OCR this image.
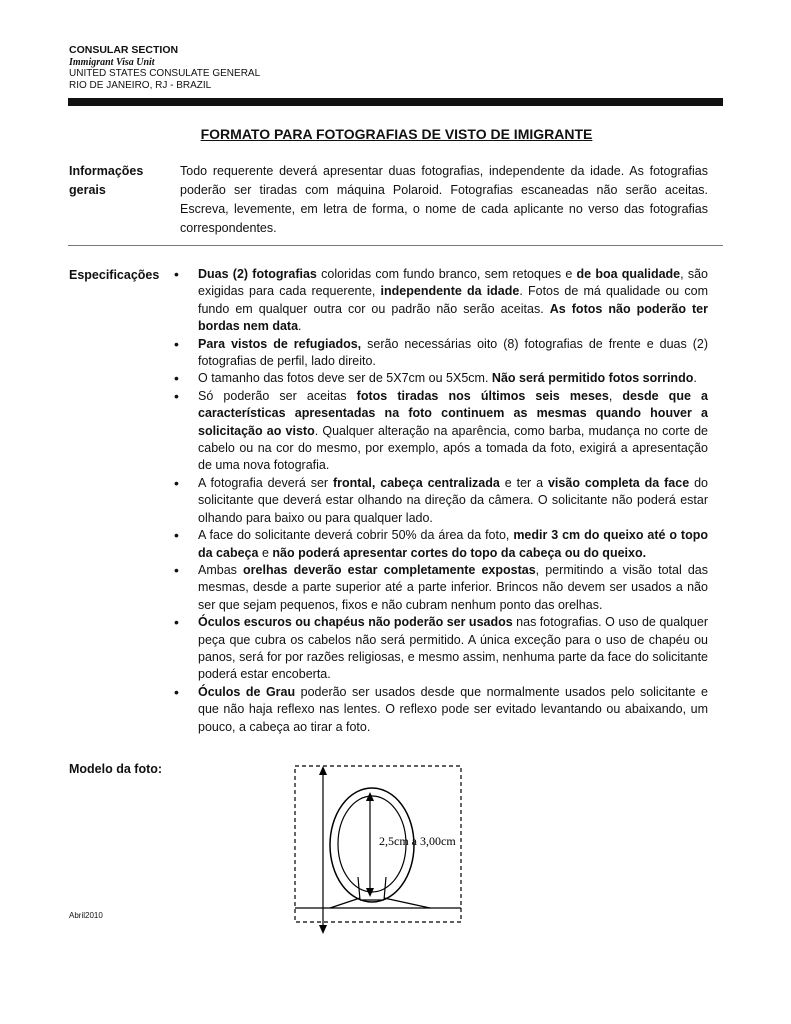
CONSULAR SECTION
Immigrant Visa Unit
UNITED STATES CONSULATE GENERAL
RIO DE JANEIRO, RJ - BRAZIL
FORMATO PARA FOTOGRAFIAS DE VISTO DE IMIGRANTE
Informações
gerais
Todo requerente deverá apresentar duas fotografias, independente da idade. As fotografias poderão ser tiradas com máquina Polaroid. Fotografias escaneadas não serão aceitas. Escreva, levemente, em letra de forma, o nome de cada aplicante no verso das fotografias correspondentes.
Especificações • Duas (2) fotografias coloridas com fundo branco, sem retoques e de boa qualidade, são exigidas para cada requerente, independente da idade. Fotos de má qualidade ou com fundo em qualquer outra cor ou padrão não serão aceitas. As fotos não poderão ter bordas nem data.
• Para vistos de refugiados, serão necessárias oito (8) fotografias de frente e duas (2) fotografias de perfil, lado direito.
• O tamanho das fotos deve ser de 5X7cm ou 5X5cm. Não será permitido fotos sorrindo.
• Só poderão ser aceitas fotos tiradas nos últimos seis meses, desde que a características apresentadas na foto continuem as mesmas quando houver a solicitação ao visto. Qualquer alteração na aparência, como barba, mudança no corte de cabelo ou na cor do mesmo, por exemplo, após a tomada da foto, exigirá a apresentação de uma nova fotografia.
• A fotografia deverá ser frontal, cabeça centralizada e ter a visão completa da face do solicitante que deverá estar olhando na direção da câmera. O solicitante não poderá estar olhando para baixo ou para qualquer lado.
• A face do solicitante deverá cobrir 50% da área da foto, medir 3 cm do queixo até o topo da cabeça e não poderá apresentar cortes do topo da cabeça ou do queixo.
• Ambas orelhas deverão estar completamente expostas, permitindo a visão total das mesmas, desde a parte superior até a parte inferior. Brincos não devem ser usados a não ser que sejam pequenos, fixos e não cubram nenhum ponto das orelhas.
• Óculos escuros ou chapéus não poderão ser usados nas fotografias. O uso de qualquer peça que cubra os cabelos não será permitido. A única exceção para o uso de chapéu ou panos, será for por razões religiosas, e mesmo assim, nenhuma parte da face do solicitante poderá estar encoberta.
• Óculos de Grau poderão ser usados desde que normalmente usados pelo solicitante e que não haja reflexo nas lentes. O reflexo pode ser evitado levantando ou abaixando, um pouco, a cabeça ao tirar a foto.
Modelo da foto:
2,5cm a 3,00cm
Abril2010
